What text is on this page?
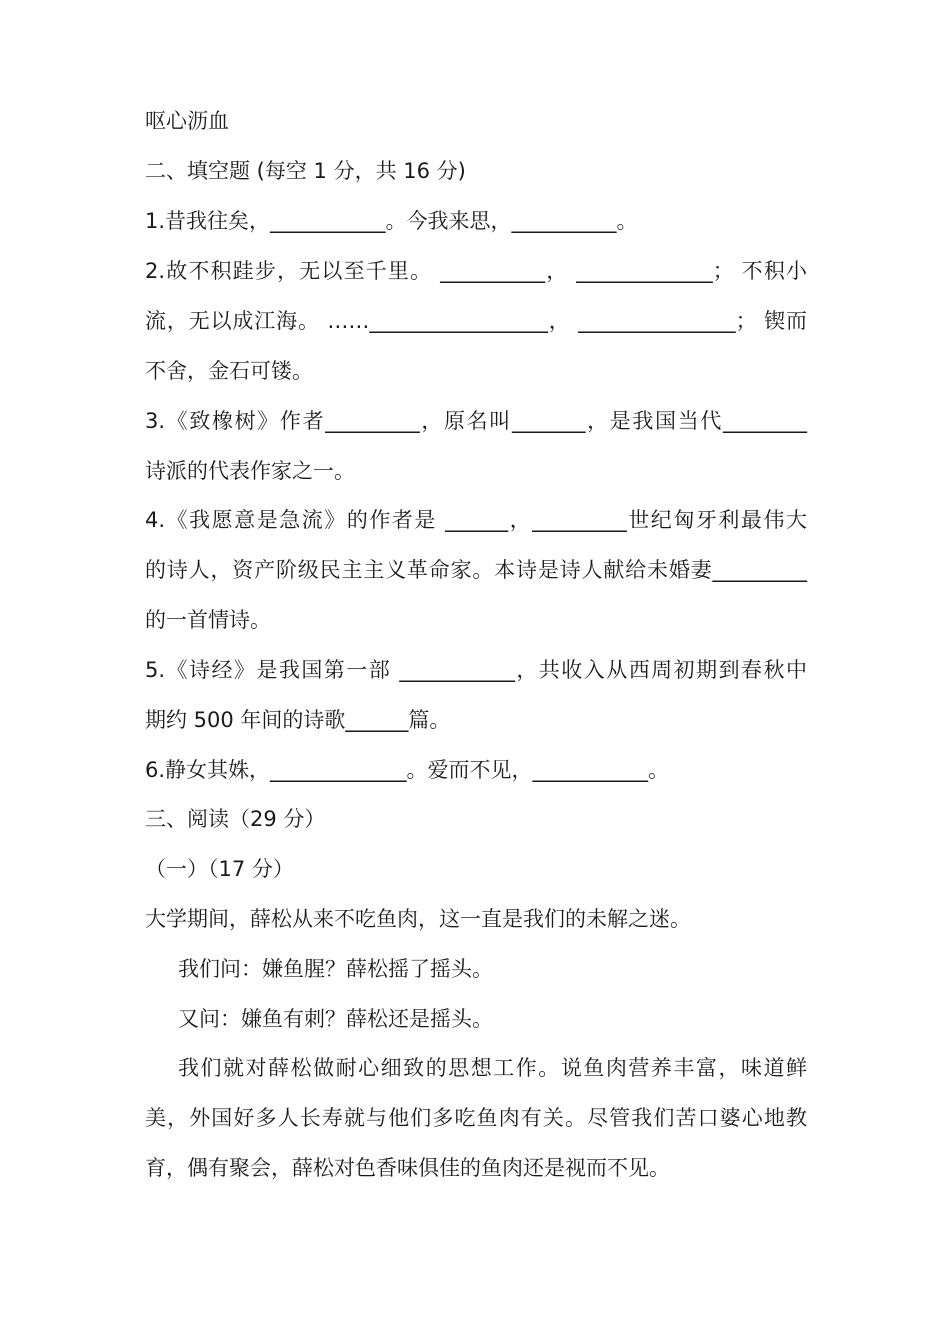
呕心沥血
二、填空题 (每空 1 分，共 16 分)
1.昔我往矣，___________。今我来思，__________。
2.故不积跬步，无以至千里。 __________， _____________； 不积小
流，无以成江海。 ……_________________， _______________； 锲而
不舍，金石可镂。
3.《致橡树》作者_________，原名叫_______，是我国当代________
诗派的代表作家之一。
4.《我愿意是急流》的作者是 ______，_________世纪匈牙利最伟大
的诗人，资产阶级民主主义革命家。本诗是诗人献给未婚妻_________
的一首情诗。
5.《诗经》是我国第一部 ___________，共收入从西周初期到春秋中
期约 500 年间的诗歌______篇。
6.静女其姝，_____________。爱而不见，___________。
三、阅读（29 分）
（一）（17 分）
大学期间，薛松从来不吃鱼肉，这一直是我们的未解之迷。
我们问：嫌鱼腥？薛松摇了摇头。
又问：嫌鱼有刺？薛松还是摇头。
我们就对薛松做耐心细致的思想工作。说鱼肉营养丰富，味道鲜
美，外国好多人长寿就与他们多吃鱼肉有关。尽管我们苦口婆心地教
育，偶有聚会，薛松对色香味俱佳的鱼肉还是视而不见。
